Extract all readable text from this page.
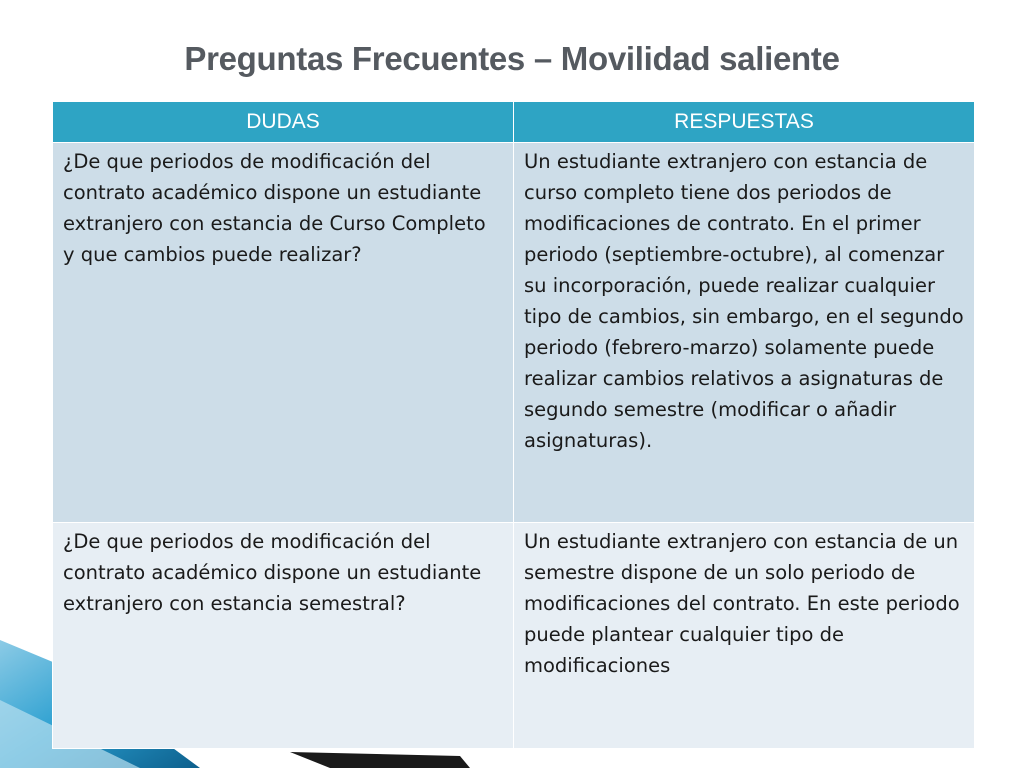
Preguntas Frecuentes – Movilidad saliente
DUDAS	RESPUESTAS
¿De que periodos de modificación del contrato académico dispone un estudiante extranjero con estancia de Curso Completo y que cambios puede realizar?	Un estudiante extranjero con estancia de curso completo tiene dos periodos de modificaciones de contrato. En el primer periodo (septiembre-octubre), al comenzar su incorporación, puede realizar cualquier tipo de cambios, sin embargo, en el segundo periodo (febrero-marzo) solamente puede realizar cambios relativos a asignaturas de segundo semestre (modificar o añadir asignaturas).
¿De que periodos de modificación del contrato académico dispone un estudiante extranjero con estancia semestral?	Un estudiante extranjero con estancia de un semestre dispone de un solo periodo de modificaciones del contrato. En este periodo puede plantear cualquier tipo de modificaciones
